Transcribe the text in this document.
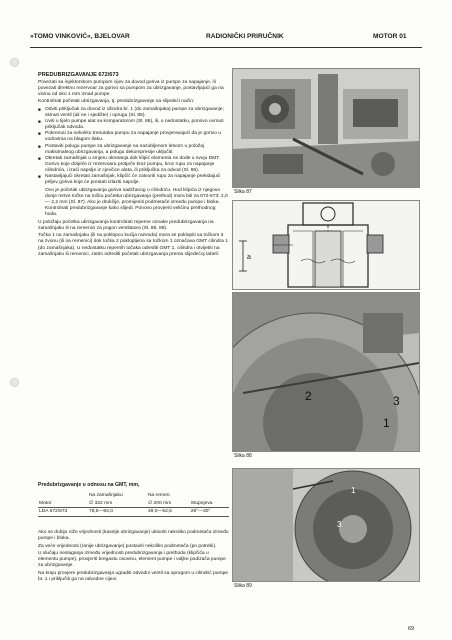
»TOMO VINKOVIĆ«, BJELOVAR	RADIONIČKI PRIRUČNIK	MOTOR 01

PREDUBRIZGAVANJE 672/673

Povezati sa injektorskom pumpom cijev za dovod goriva iz pumpe za napajanje, ili povezati direktno rezervoar za gorivo sa pumpom za ubrizgavanje, postavljajući ga na visinu od oko 1 mm iznad pumpe.

Kontrolirati početak ubrizgavanja, tj. predubrizgavanje na slijedeći način:

■ Odviti priključak za dovod iz cilindra br. 1 (do zamašnjaka) pumpe za ubrizgavanje; skinuti ventil (ali ne i sjedište) i oprugu (Sl. 85).
■ Uviti u tijelo pumpe alat sa komparatorom (Sl. 86), ili, u nedostatku, ponovo uvrnuti priključak odvoda.
■ Pokrenuti za nekoliko trenutaka pumpu za napajanje provjeravajući da je gorivo u vodovima na blagom tlaku.
■ Postaviti polugu pumpe za ubrizgavanje na nazubljenom letvom u položaj maksimalnog ubrizgavanja, a polugu dekompresije uključiti.
■ Okretati zamašnjak u smjeru okretanja dok klipić elementa ne dođe u svoju DMT. Gorivo koje dotječe iz rezervoara protječe kroz pumpu, kroz rupu za napajanje cilindrića, i izaći napolje iz cjevčice alata, ili priključka za odvod (Sl. 86).
■ Nastavljajući okretati zamašnjak, klipčić će zatvoriti rupu za napajanje prekidajući priljev goriva koje će prestati izlaziti napolje.

Ovo je početak ubrizgavanja goriva sadržanog u cilindriću. Hod klipića iz njegovo donje mrtve točke na točku početka ubrizgavanja (prethod) mora biti za 672-673: 2,0 — 2,2 mm (Sl. 87). Ako je drukčije, promijeniti podmetače između pumpe i bloka. Kontrolirati predubrizgavanje kako slijedi. Ponovo provjeriti veličinu prethodnog hoda.

U položaju početka ubrizgavanja kontrolirati reperne oznake predubrizgavanja na zamašnjaku ili na remenici za pogon ventilatora (Sl. 88, 89).

Točka 1 na zamašnjaku (ili na poklopcu kućija razvoda) mora se poklopiti sa točkom 3 na zvonu (ili na remenici) dok točka 2 poklopljena sa točkom 1 označava GMT cilindra 1 (do zamašnjaka). U nedostatku repernih točaka odrediti GMT 1. cilindra i otvijetiti na zamašnjaku ili remenici, zatim odrediti početak ubrizgavanja prema slijedećoj tabeli:

Predubrizgavanje u odnosu na GMT, mm,

	Na zamašnjaku	Na remen.	
Motor	∅ 322 mm	∅ 200 mm	Stupnjeva
LDA 672/673	78,5—84,0	49,0—52,5	28°—30°

Ako se dobiju niže vrijednosti (kasnije ubrizgavanje) ukloniti nekoliko podmetača između pumpe i bloka.

Za veće vrijednosti (ranije ubrizgavanje) postaviti nekoliko podmetača (po potrebi).

U slučaju neslaganja između vrijednosti predubrizgavanja i prethoda (klipčića u elementu pumpe), provjeriti bregastu osovinu, element pumpe i valjke podizača pumpe za ubrizgavanje.

Na kraju provjere predubrizgavanja ugraditi odvodni ventil sa oprugom u cilindrić pumpe br. 1 i priključiti ga na odvodne cijevi.

Slika 87
a
2	3
1
Slika 88
1
3
Slika 89
69
